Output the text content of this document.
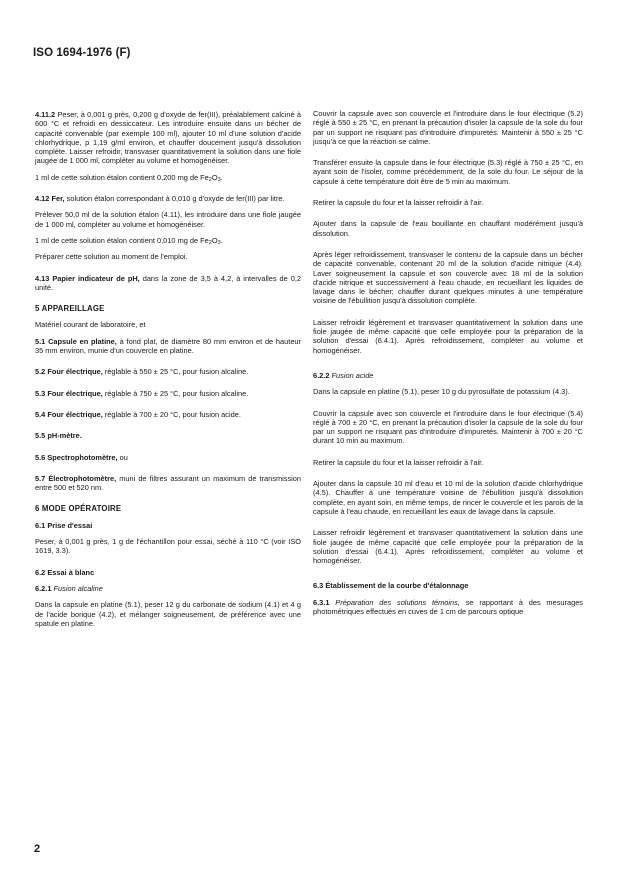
ISO 1694-1976 (F)

4.11.2 Peser, à 0,001 g près, 0,200 g d'oxyde de fer(III), préalablement calciné à 600 °C et refroidi en dessiccateur. Les introduire ensuite dans un bécher de capacité convenable (par exemple 100 ml), ajouter 10 ml d'une solution d'acide chlorhydrique, ρ 1,19 g/ml environ, et chauffer doucement jusqu'à dissolution complète. Laisser refroidir, transvaser quantitativement la solution dans une fiole jaugée de 1 000 ml, compléter au volume et homogénéiser.

1 ml de cette solution étalon contient 0,200 mg de $Fe_2O_3$.

4.12 Fer, solution étalon correspondant à 0,010 g d'oxyde de fer(III) par litre.

Prélever 50,0 ml de la solution étalon (4.11), les introduire dans une fiole jaugée de 1 000 ml, compléter au volume et homogénéiser.

1 ml de cette solution étalon contient 0,010 mg de $Fe_2O_3$.

Préparer cette solution au moment de l'emploi.

4.13 Papier indicateur de pH, dans la zone de 3,5 à 4,2, à intervalles de 0,2 unité.

5 APPAREILLAGE

Matériel courant de laboratoire, et

5.1 Capsule en platine, à fond plat, de diamètre 80 mm environ et de hauteur 35 mm environ, munie d'un couvercle en platine.

5.2 Four électrique, réglable à 550 ± 25 °C, pour fusion alcaline.

5.3 Four électrique, réglable à 750 ± 25 °C, pour fusion alcaline.

5.4 Four électrique, réglable à 700 ± 20 °C, pour fusion acide.

5.5 pH-mètre.

5.6 Spectrophotomètre, ou

5.7 Électrophotomètre, muni de filtres assurant un maximum de transmission entre 500 et 520 nm.

6 MODE OPÉRATOIRE

6.1 Prise d'essai

Peser, à 0,001 g près, 1 g de l'échantillon pour essai, séché à 110 °C (voir ISO 1619, 3.3).

6.2 Essai à blanc

6.2.1 Fusion alcaline

Dans la capsule en platine (5.1), peser 12 g du carbonate de sodium (4.1) et 4 g de l'acide borique (4.2), et mélanger soigneusement, de préférence avec une spatule en platine.

Couvrir la capsule avec son couvercle et l'introduire dans le four électrique (5.2) réglé à 550 ± 25 °C, en prenant la précaution d'isoler la capsule de la sole du four par un support ne risquant pas d'introduire d'impuretés. Maintenir à 550 ± 25 °C jusqu'à ce que la réaction se calme.

Transférer ensuite la capsule dans le four électrique (5.3) réglé à 750 ± 25 °C, en ayant soin de l'isoler, comme précédemment, de la sole du four. Le séjour de la capsule à cette température doit être de 5 min au maximum.

Retirer la capsule du four et la laisser refroidir à l'air.

Ajouter dans la capsule de l'eau bouillante en chauffant modérément jusqu'à dissolution.

Après léger refroidissement, transvaser le contenu de la capsule dans un bécher de capacité convenable, contenant 20 ml de la solution d'acide nitrique (4.4). Laver soigneusement la capsule et son couvercle avec 18 ml de la solution d'acide nitrique et successivement à l'eau chaude, en recueillant les liquides de lavage dans le bécher; chauffer durant quelques minutes à une température voisine de l'ébullition jusqu'à dissolution complète.

Laisser refroidir légèrement et transvaser quantitativement la solution dans une fiole jaugée de même capacité que celle employée pour la préparation de la solution d'essai (6.4.1). Après refroidissement, compléter au volume et homogénéiser.

6.2.2 Fusion acide

Dans la capsule en platine (5.1), peser 10 g du pyrosulfate de potassium (4.3).

Couvrir la capsule avec son couvercle et l'introduire dans le four électrique (5.4) réglé à 700 ± 20 °C, en prenant la précaution d'isoler la capsule de la sole du four par un support ne risquant pas d'introduire d'impuretés. Maintenir à 700 ± 20 °C durant 10 min au maximum.

Retirer la capsule du four et la laisser refroidir à l'air.

Ajouter dans la capsule 10 ml d'eau et 10 ml de la solution d'acide chlorhydrique (4.5). Chauffer à une température voisine de l'ébullition jusqu'à dissolution complète, en ayant soin, en même temps, de rincer le couvercle et les parois de la capsule à l'eau chaude, en recueillant les eaux de lavage dans la capsule.

Laisser refroidir légèrement et transvaser quantitativement la solution dans une fiole jaugée de même capacité que celle employée pour la préparation de la solution d'essai (6.4.1). Après refroidissement, compléter au volume et homogénéiser.

6.3 Établissement de la courbe d'étalonnage

6.3.1 Préparation des solutions témoins, se rapportant à des mesurages photométriques effectués en cuves de 1 cm de parcours optique

2
